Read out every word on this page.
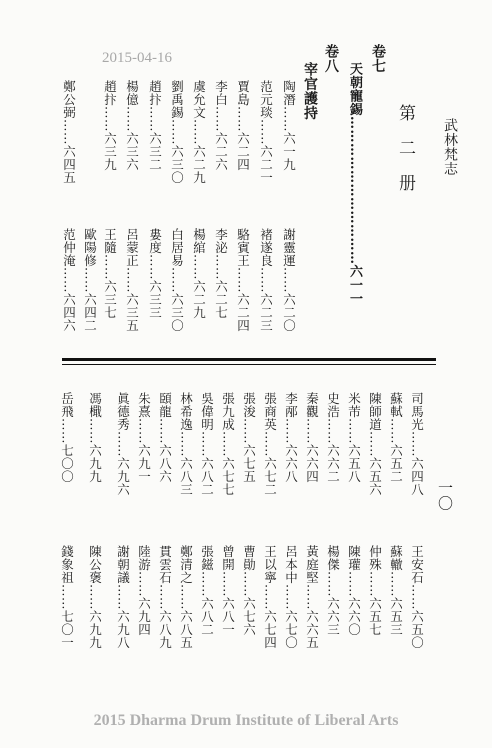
2015-04-16
武林梵志
第　二　册
卷七
天朝寵錫……………………………六一一
卷八
宰官護持
陶潛……六一九
范元琰……六二一
賈島……六二四
李白……六二六
虞允文……六二九
劉禹錫……六三〇
趙抃……六三二
楊億……六三六
趙抃……六三九
鄭公弼……六四五
謝靈運……六二〇
褚遂良……六二三
駱賓王……六二四
李泌……六二七
楊綰……六二九
白居易……六三〇
婁度……六三三
呂蒙正……六三五
王隨……六三七
歐陽修……六四二
范仲淹……六四六
一〇
司馬光……六四八
蘇軾……六五二
陳師道……六五六
米芾……六五八
史浩……六六二
秦觀……六六四
李邴……六六八
張商英……六七二
張浚……六七五
張九成……六七七
吳偉明……六八二
林希逸……六八三
頣龍……六八六
朱熹……六九一
眞德秀……六九六
馮檝……六九九
岳飛……七〇〇
王安石……六五〇
蘇轍……六五三
仲殊……六五七
陳瓘……六六〇
楊傑……六六三
黃庭堅……六六五
呂本中……六七〇
王以寧……六七四
曹勛……六七六
曾開……六八一
張鎡……六八二
鄭清之……六八五
貫雲石……六八九
陸游……六九四
謝朝議……六九八
陳公褒……六九九
錢象祖……七〇一
2015 Dharma Drum Institute of Liberal Arts
